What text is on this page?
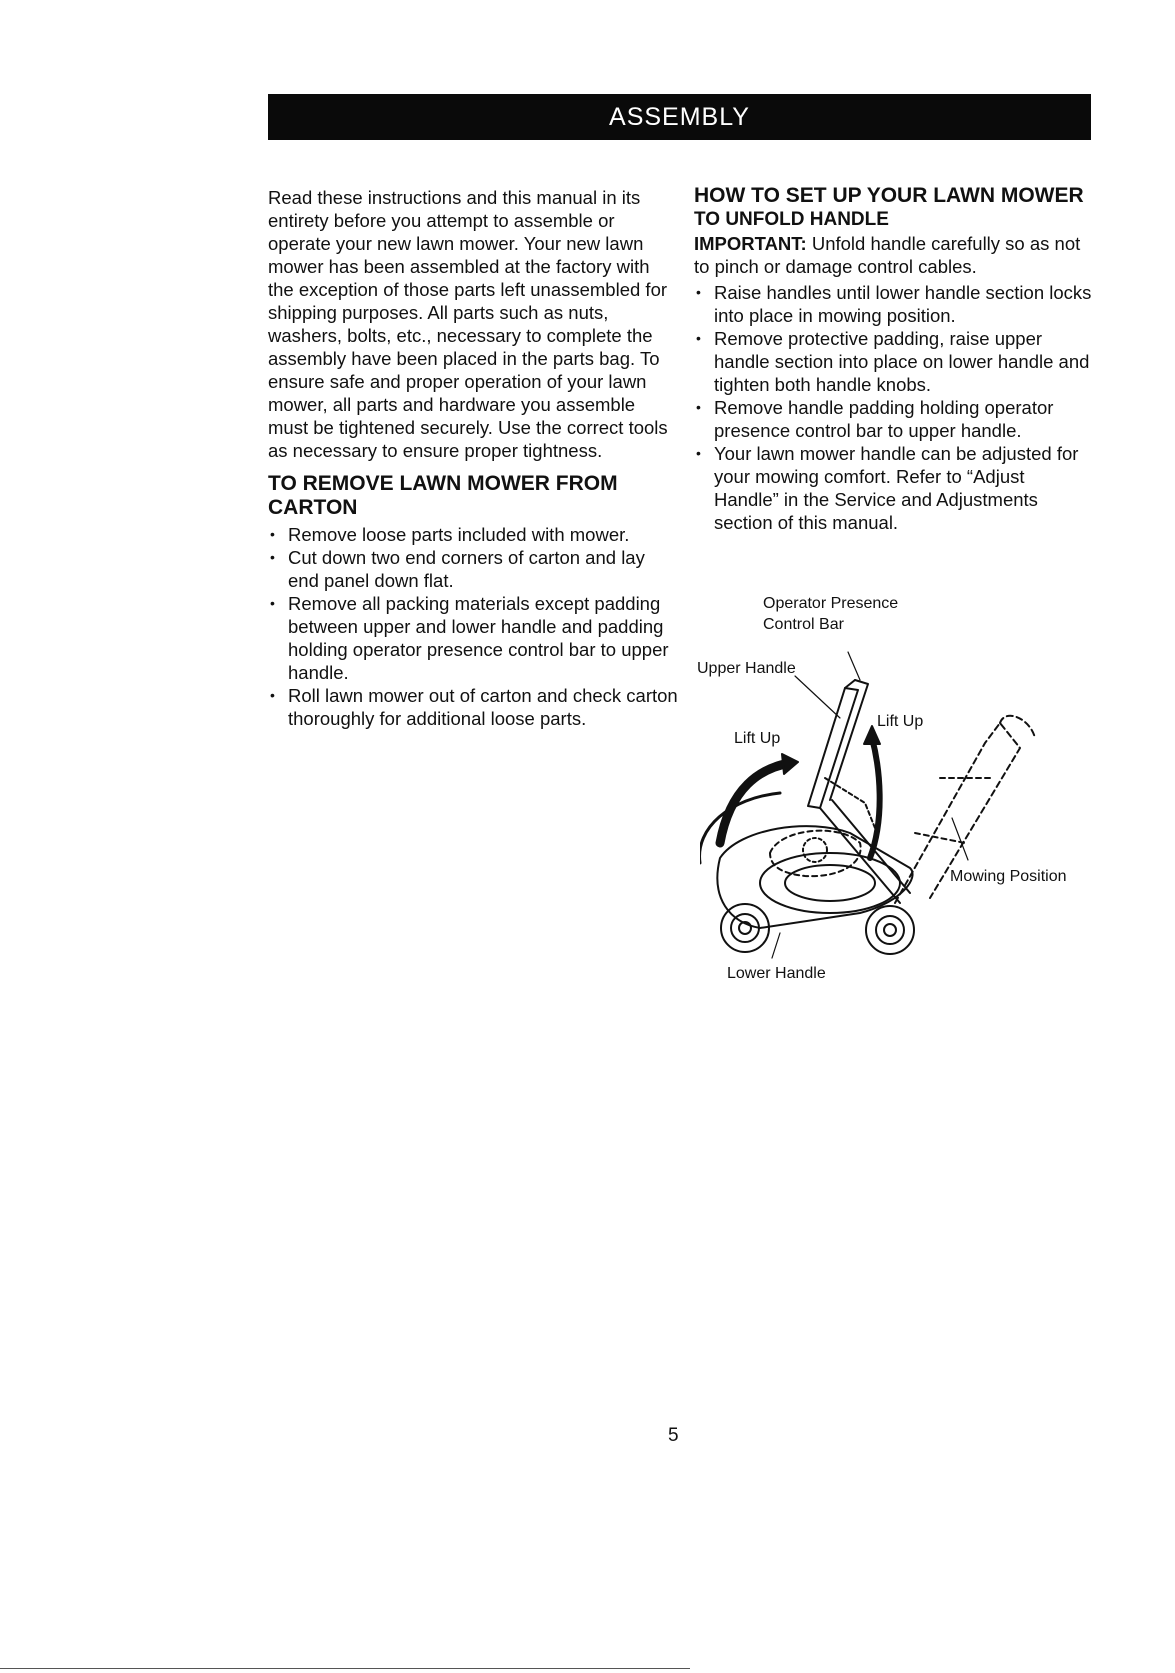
ASSEMBLY

Read these instructions and this manual in its entirety before you attempt to assemble or operate your new lawn mower. Your new lawn mower has been assembled at the factory with the exception of those parts left unassembled for shipping purposes. All parts such as nuts, washers, bolts, etc., necessary to complete the assembly have been placed in the parts bag. To ensure safe and proper operation of your lawn mower, all parts and hardware you assemble must be tightened securely. Use the correct tools as necessary to ensure proper tightness.

TO REMOVE LAWN MOWER FROM CARTON
• Remove loose parts included with mower.
• Cut down two end corners of carton and lay end panel down flat.
• Remove all packing materials except padding between upper and lower handle and padding holding operator presence control bar to upper handle.
• Roll lawn mower out of carton and check carton thoroughly for additional loose parts.
HOW TO SET UP YOUR LAWN MOWER
TO UNFOLD HANDLE

IMPORTANT: Unfold handle carefully so as not to pinch or damage control cables.

• Raise handles until lower handle section locks into place in mowing position.
• Remove protective padding, raise upper handle section into place on lower handle and tighten both handle knobs.
• Remove handle padding holding operator presence control bar to upper handle.
• Your lawn mower handle can be adjusted for your mowing comfort. Refer to “Adjust Handle” in the Service and Adjustments section of this manual.
Operator Presence
Control Bar
Upper Handle
Lift Up
Lift Up
Mowing Position
Lower Handle
5
